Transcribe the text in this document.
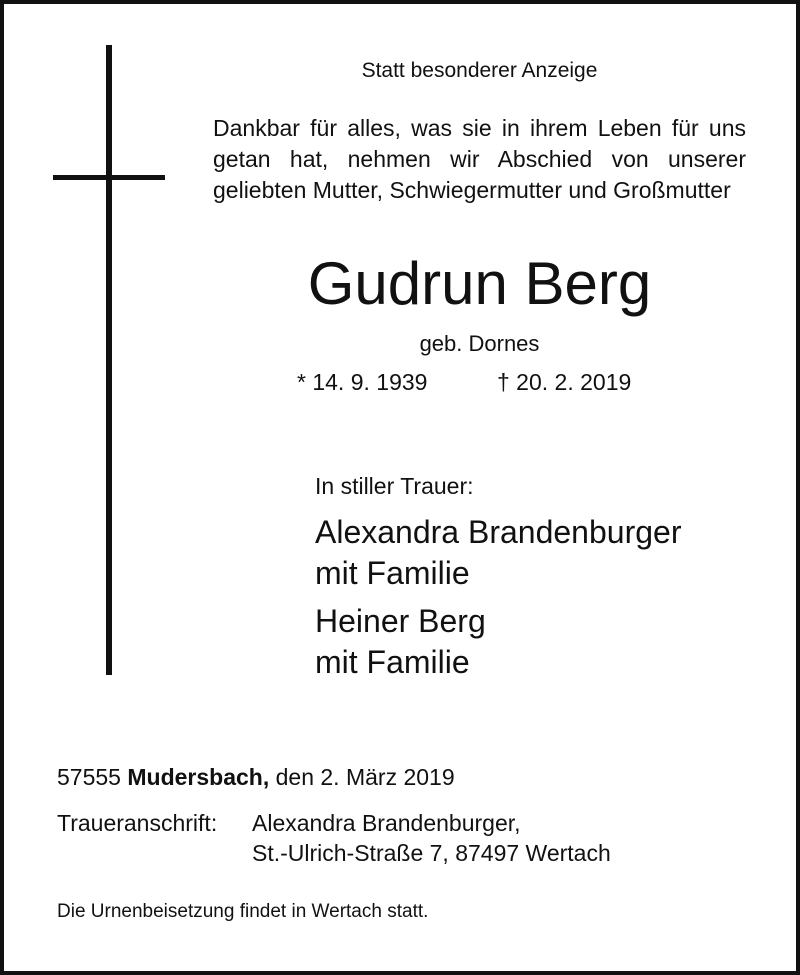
Statt besonderer Anzeige
Dankbar für alles, was sie in ihrem Leben für uns getan hat, nehmen wir Abschied von unserer geliebten Mutter, Schwiegermutter und Großmutter
Gudrun Berg
geb. Dornes
* 14. 9. 1939	† 20. 2. 2019
In stiller Trauer:
Alexandra Brandenburger
mit Familie
Heiner Berg
mit Familie
57555 Mudersbach, den 2. März 2019
Traueranschrift: Alexandra Brandenburger,
St.-Ulrich-Straße 7, 87497 Wertach
Die Urnenbeisetzung findet in Wertach statt.
